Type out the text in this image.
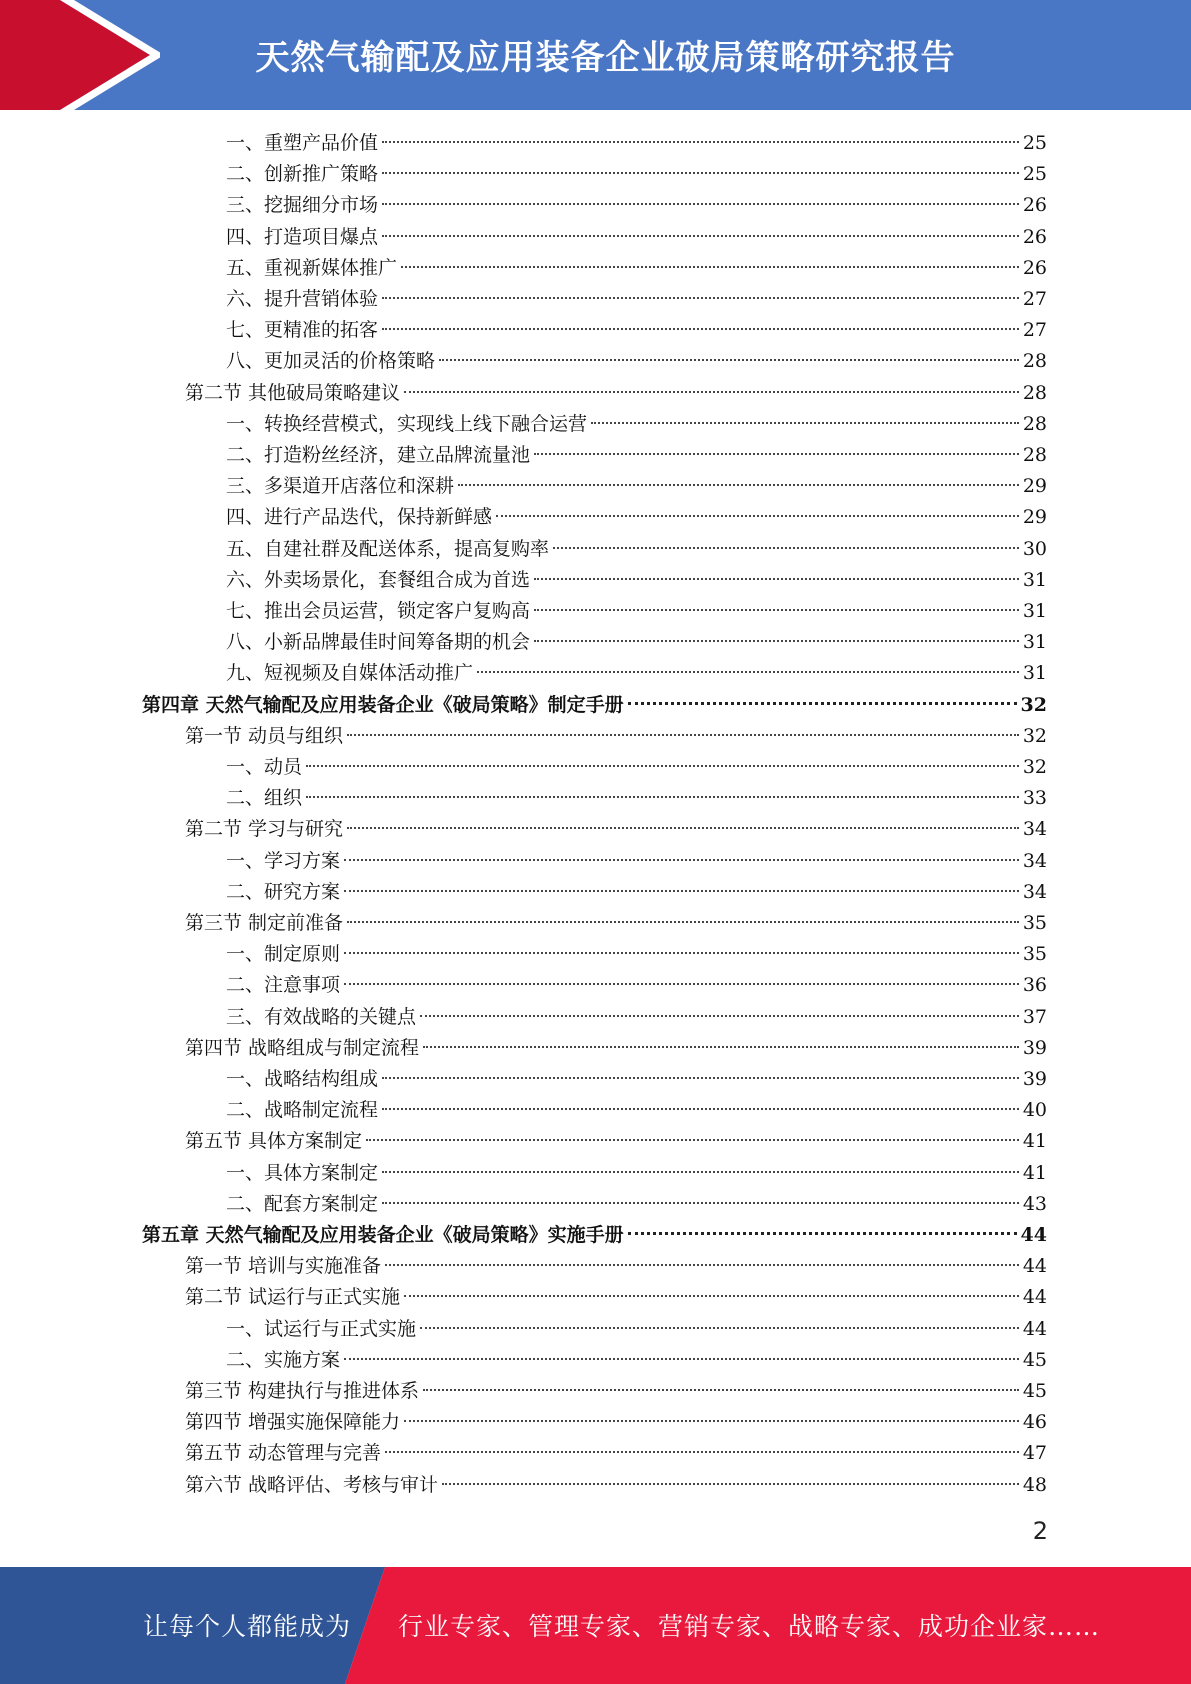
天然气输配及应用装备企业破局策略研究报告
一、重塑产品价值	25
二、创新推广策略	25
三、挖掘细分市场	26
四、打造项目爆点	26
五、重视新媒体推广	26
六、提升营销体验	27
七、更精准的拓客	27
八、更加灵活的价格策略	28
第二节 其他破局策略建议	28
一、转换经营模式，实现线上线下融合运营	28
二、打造粉丝经济，建立品牌流量池	28
三、多渠道开店落位和深耕	29
四、进行产品迭代，保持新鲜感	29
五、自建社群及配送体系，提高复购率	30
六、外卖场景化，套餐组合成为首选	31
七、推出会员运营，锁定客户复购高	31
八、小新品牌最佳时间筹备期的机会	31
九、短视频及自媒体活动推广	31
第四章 天然气输配及应用装备企业《破局策略》制定手册	32
第一节 动员与组织	32
一、动员	32
二、组织	33
第二节 学习与研究	34
一、学习方案	34
二、研究方案	34
第三节 制定前准备	35
一、制定原则	35
二、注意事项	36
三、有效战略的关键点	37
第四节 战略组成与制定流程	39
一、战略结构组成	39
二、战略制定流程	40
第五节 具体方案制定	41
一、具体方案制定	41
二、配套方案制定	43
第五章 天然气输配及应用装备企业《破局策略》实施手册	44
第一节 培训与实施准备	44
第二节 试运行与正式实施	44
一、试运行与正式实施	44
二、实施方案	45
第三节 构建执行与推进体系	45
第四节 增强实施保障能力	46
第五节 动态管理与完善	47
第六节 战略评估、考核与审计	48
2
让每个人都能成为 行业专家、管理专家、营销专家、战略专家、成功企业家……
